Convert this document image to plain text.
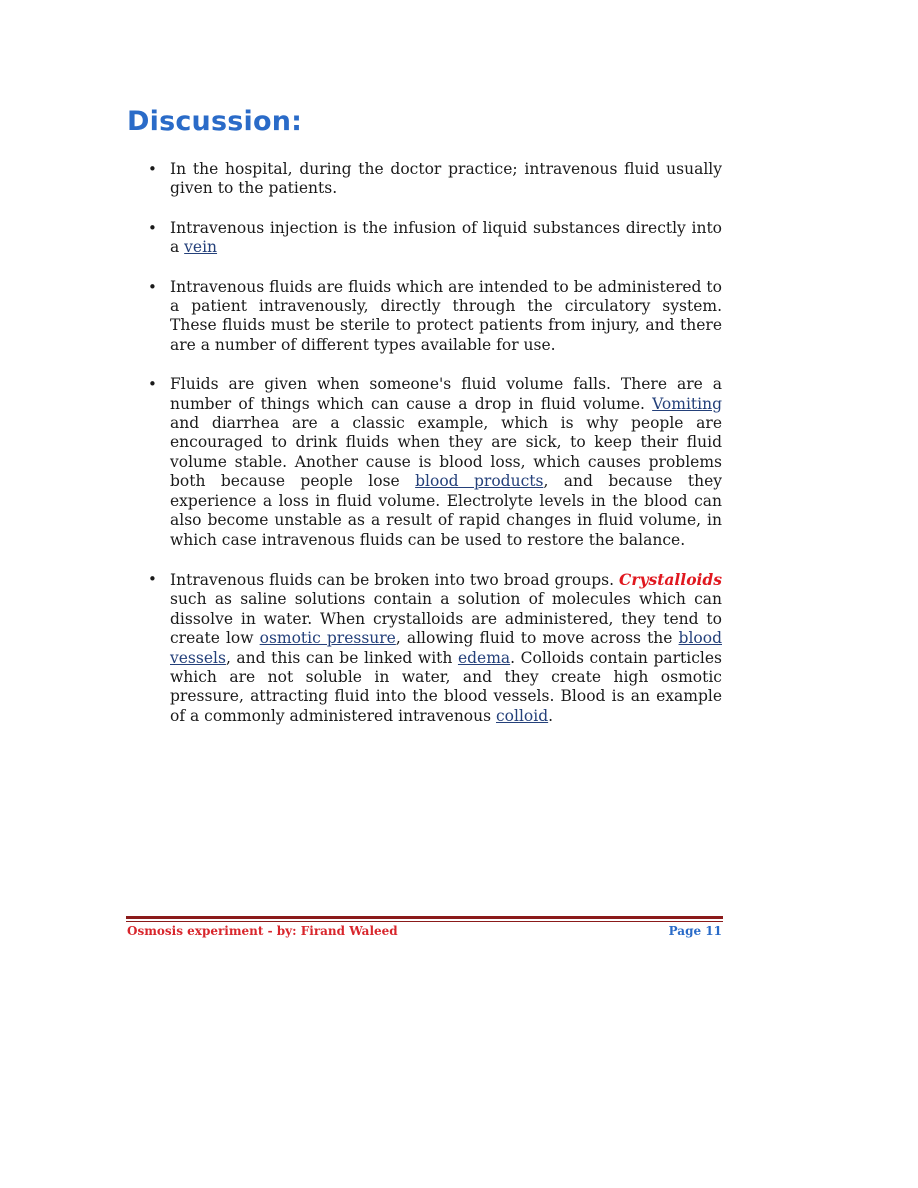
Discussion:
• In the hospital, during the doctor practice; intravenous fluid usually given to the patients.
• Intravenous injection is the infusion of liquid substances directly into a vein
• Intravenous fluids are fluids which are intended to be administered to a patient intravenously, directly through the circulatory system. These fluids must be sterile to protect patients from injury, and there are a number of different types available for use.
• Fluids are given when someone's fluid volume falls. There are a number of things which can cause a drop in fluid volume. Vomiting and diarrhea are a classic example, which is why people are encouraged to drink fluids when they are sick, to keep their fluid volume stable. Another cause is blood loss, which causes problems both because people lose blood products, and because they experience a loss in fluid volume. Electrolyte levels in the blood can also become unstable as a result of rapid changes in fluid volume, in which case intravenous fluids can be used to restore the balance.
• Intravenous fluids can be broken into two broad groups. Crystalloids such as saline solutions contain a solution of molecules which can dissolve in water. When crystalloids are administered, they tend to create low osmotic pressure, allowing fluid to move across the blood vessels, and this can be linked with edema. Colloids contain particles which are not soluble in water, and they create high osmotic pressure, attracting fluid into the blood vessels. Blood is an example of a commonly administered intravenous colloid.
Osmosis experiment - by: Firand Waleed	Page 11
